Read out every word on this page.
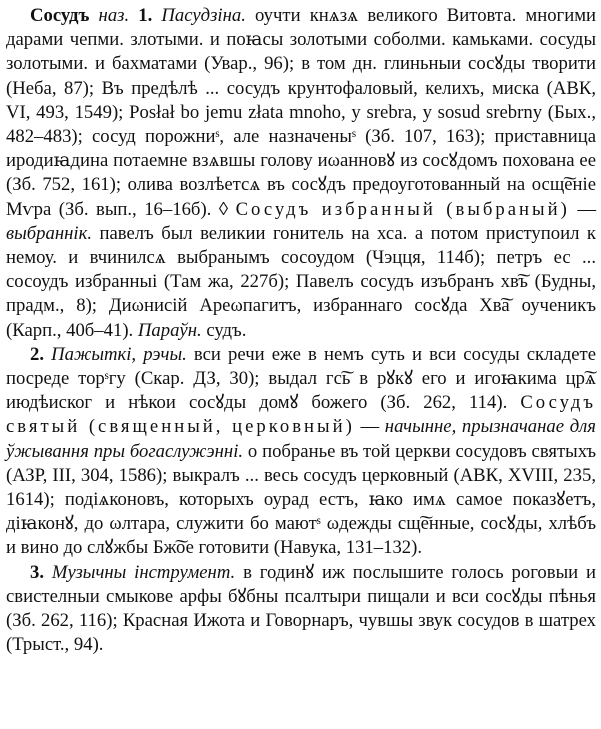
Сосудъ наз. 1. Пасудзіна. оучти кнѧзѧ великого Витовта. многими дарами чепми. злотыми. и поꙗсы золотыми соболми. камьками. сосуды золотыми. и бахматами (Увар., 96); в том дн. глиньныи сосꙋды творити (Неба, 87); Въ предѣлѣ ... сосудъ крунтофаловый, келихъ, миска (АВК, VI, 493, 1549); Posłał bo jemu złata mnoho, y srebra, y sosud srebrny (Бых., 482–483); сосуд порожниˢ, але назначеныˢ (Зб. 107, 163); приставница иродиꙗдина потаемне взѧвшы голову иωанновꙋ из сосꙋдомъ похована ее (Зб. 752, 161); олива возлѣетсѧ въ сосꙋдъ предоуготованный на осщ͠еніе Мѵра (Зб. вып., 16–16б). ◊ Сосудъ избранный (выбраный) — выбраннік. павелъ был великии гонитель на хса. а потом приступоил к немоу. и вчинилсѧ выбранымъ сосоудом (Чэцця, 114б); петръ ес ... сосоудъ избранныі (Там жа, 227б); Павелъ сосудъ изъбранъ хв͠ъ (Будны, прадм., 8); Диωнисій Ареωпагитъ, избраннаго сосꙋда Хв͠а оученикъ (Карп., 40б–41). Параўн. судъ.

2. Пажыткі, рэчы. вси речи еже в немъ суть и вси сосуды складете посреде торˢгу (Скар. ДЗ, 30); выдал гс͠ь в рꙋкꙋ его и игоꙗкима цр͠ѧ июдѣиског и нѣкои сосꙋды домꙋ божего (Зб. 262, 114). Сосудъ святый (священный, церковный) — начынне, прызначанае для ўжывання пры богаслужэнні. о побранье въ той церкви сосудовъ святыхъ (АЗР, III, 304, 1586); выкралъ ... весь сосудъ церковный (АВК, XVIII, 235, 1614); подіѧконовъ, которыхъ оурад естъ, ꙗко имѧ самое показꙋетъ, діꙗконꙋ, до ωлтара, служити бо маютˢ ωдежды сщ͠енные, сосꙋды, хлѣбъ и вино до слꙋжбы Бж͠ое готовити (Навука, 131–132).

3. Музычны інструмент. в годинꙋ иж послышите голось роговыи и свистелныи смыкове арфы бꙋбны псалтыри пищали и вси сосꙋды пѣнья (Зб. 262, 116); Красная Ижота и Говорнаръ, чувшы звук сосудов в шатрех (Трыст., 94).
